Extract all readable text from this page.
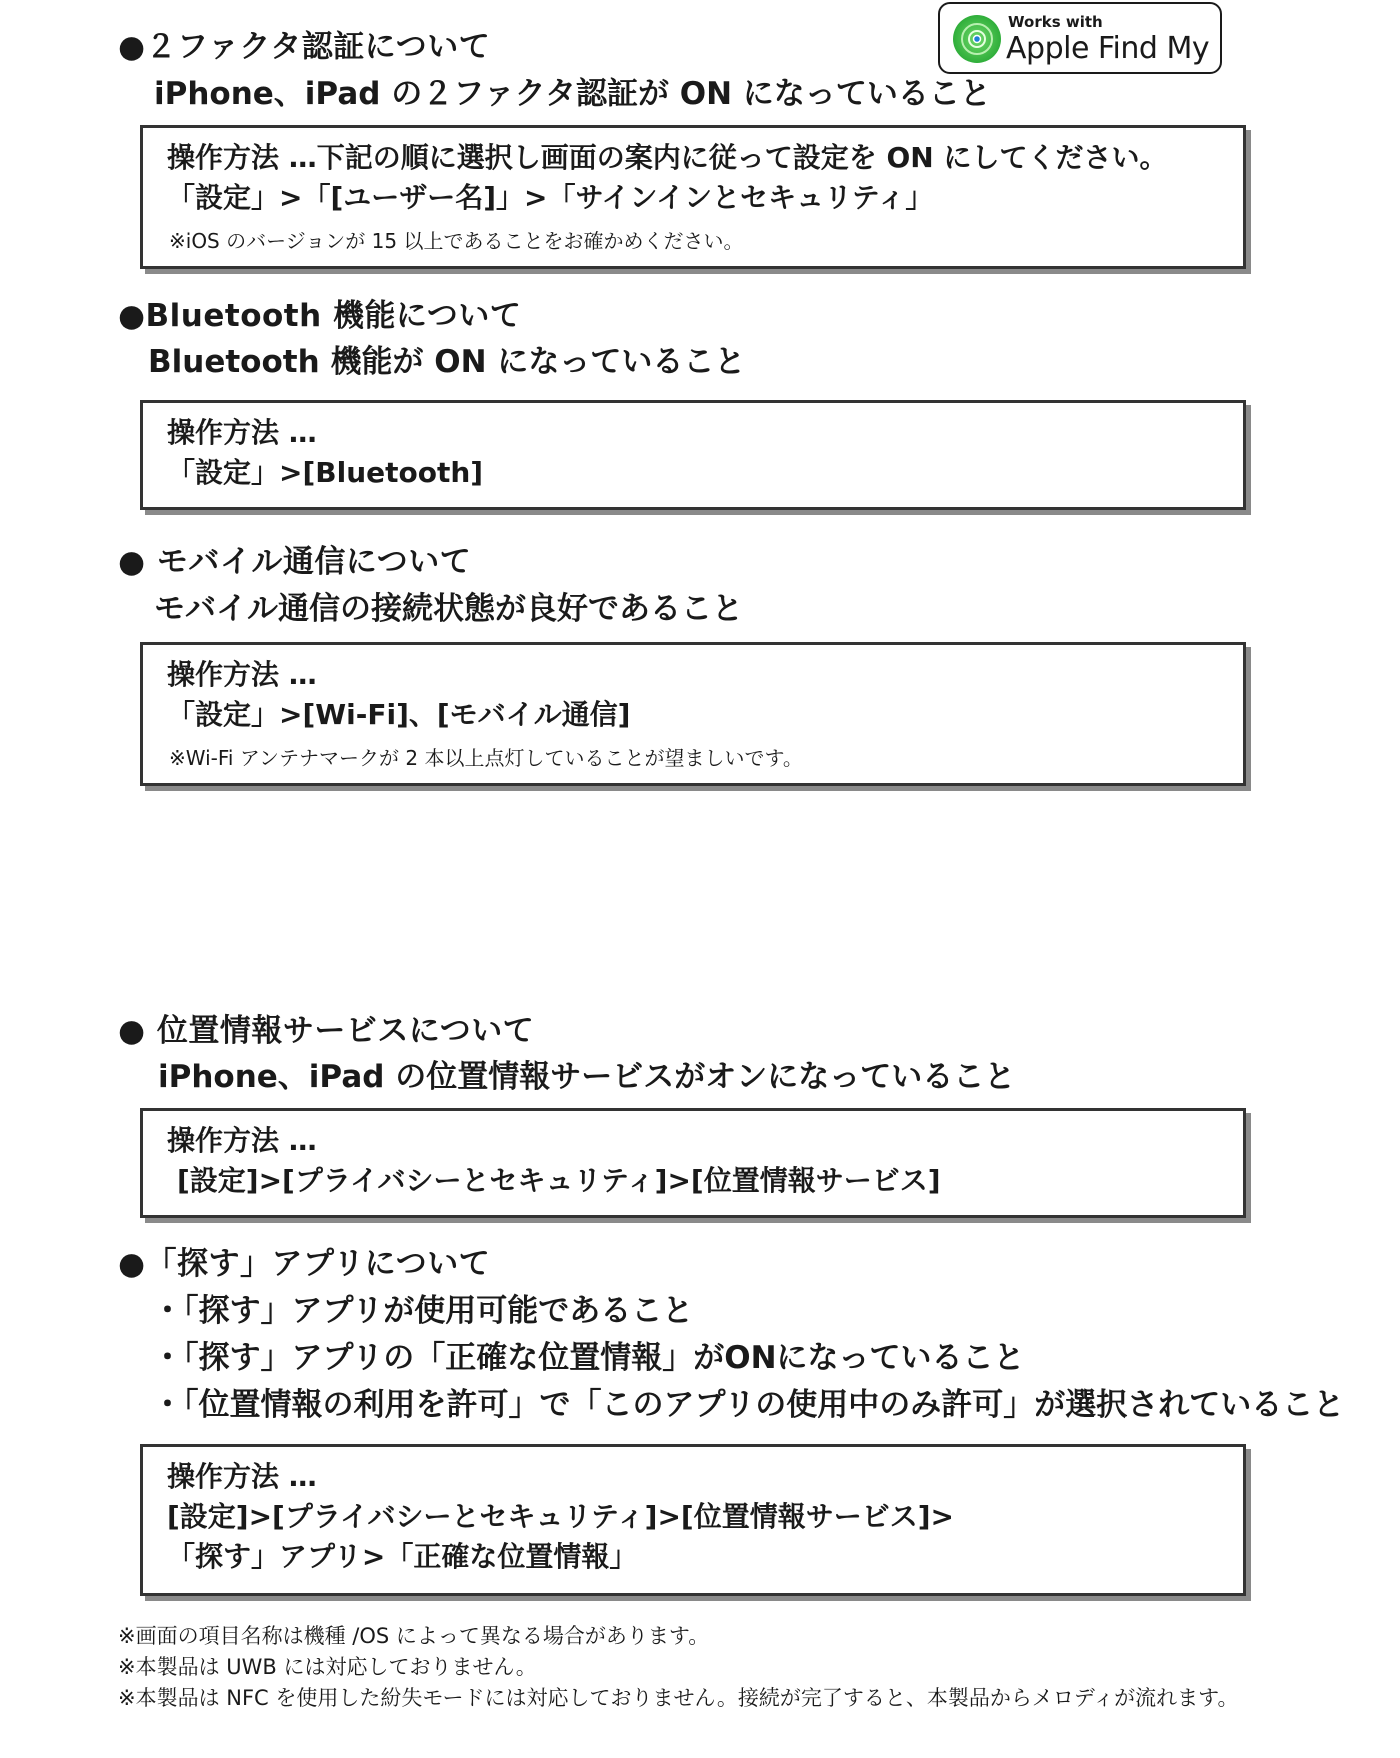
Works with
Apple Find My
●２ファクタ認証について
iPhone、iPad の２ファクタ認証が ON になっていること
操作方法 …下記の順に選択し画面の案内に従って設定を ON にしてください。
「設定」>「[ユーザー名]」>「サインインとセキュリティ」
※iOS のバージョンが 15 以上であることをお確かめください。
●Bluetooth 機能について
Bluetooth 機能が ON になっていること
操作方法 …
「設定」>[Bluetooth]
● モバイル通信について
モバイル通信の接続状態が良好であること
操作方法 …
「設定」>[Wi-Fi]、[モバイル通信]
※Wi-Fi アンテナマークが 2 本以上点灯していることが望ましいです。
● 位置情報サービスについて
iPhone、iPad の位置情報サービスがオンになっていること
操作方法 …
[設定]>[プライバシーとセキュリティ]>[位置情報サービス]
●「探す」アプリについて
・「探す」アプリが使用可能であること
・「探す」アプリの「正確な位置情報」がONになっていること
・「位置情報の利用を許可」で「このアプリの使用中のみ許可」が選択されていること
操作方法 …
[設定]>[プライバシーとセキュリティ]>[位置情報サービス]>
「探す」アプリ>「正確な位置情報」
※画面の項目名称は機種 /OS によって異なる場合があります。
※本製品は UWB には対応しておりません。
※本製品は NFC を使用した紛失モードには対応しておりません。接続が完了すると、本製品からメロディが流れます。
